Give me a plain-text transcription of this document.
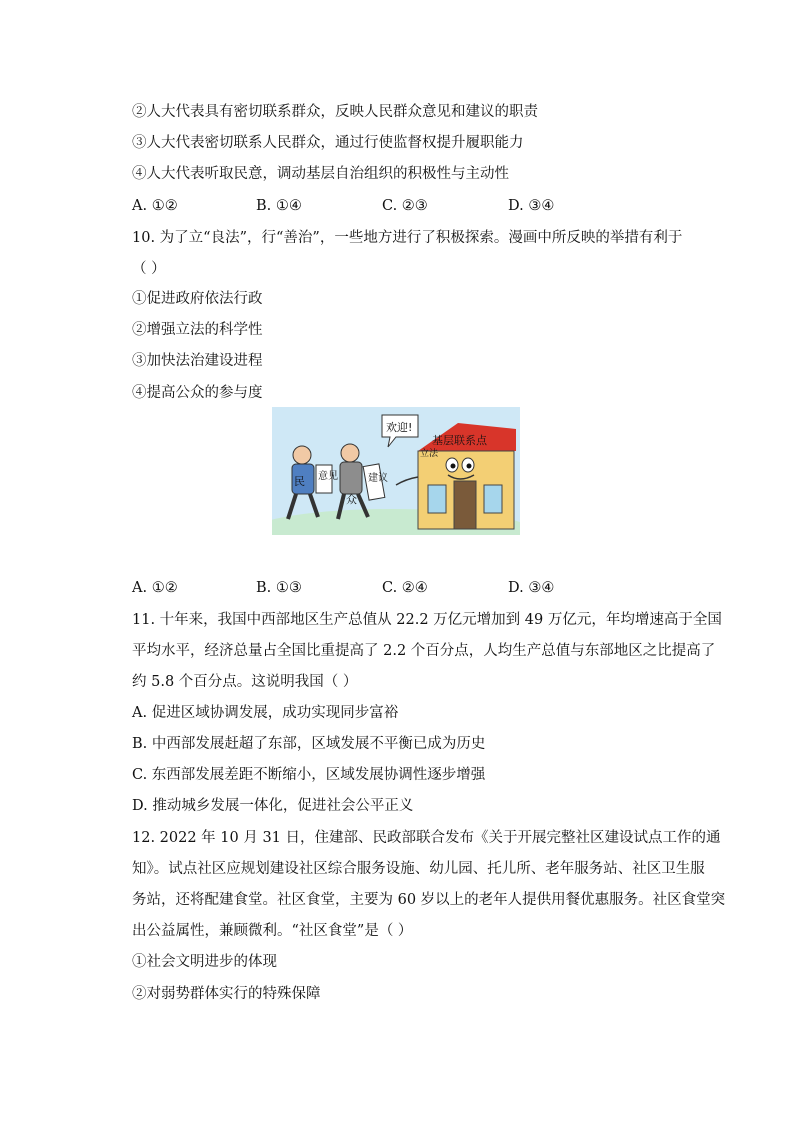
②人大代表具有密切联系群众，反映人民群众意见和建议的职责
③人大代表密切联系人民群众，通过行使监督权提升履职能力
④人大代表听取民意，调动基层自治组织的积极性与主动性
A. ①②	B. ①④	C. ②③	D. ③④
10. 为了立“良法”，行“善治”，一些地方进行了积极探索。漫画中所反映的举措有利于
（ ）
①促进政府依法行政
②增强立法的科学性
③加快法治建设进程
④提高公众的参与度
基层联系点
立法
欢迎!
民
众
意见	建议
A. ①②	B. ①③	C. ②④	D. ③④
11. 十年来，我国中西部地区生产总值从 22.2 万亿元增加到 49 万亿元，年均增速高于全国
平均水平，经济总量占全国比重提高了 2.2 个百分点，人均生产总值与东部地区之比提高了
约 5.8 个百分点。这说明我国（ ）
A. 促进区域协调发展，成功实现同步富裕
B. 中西部发展赶超了东部，区域发展不平衡已成为历史
C. 东西部发展差距不断缩小，区域发展协调性逐步增强
D. 推动城乡发展一体化，促进社会公平正义
12. 2022 年 10 月 31 日，住建部、民政部联合发布《关于开展完整社区建设试点工作的通
知》。试点社区应规划建设社区综合服务设施、幼儿园、托儿所、老年服务站、社区卫生服
务站，还将配建食堂。社区食堂，主要为 60 岁以上的老年人提供用餐优惠服务。社区食堂突
出公益属性，兼顾微利。“社区食堂”是（ ）
①社会文明进步的体现
②对弱势群体实行的特殊保障
